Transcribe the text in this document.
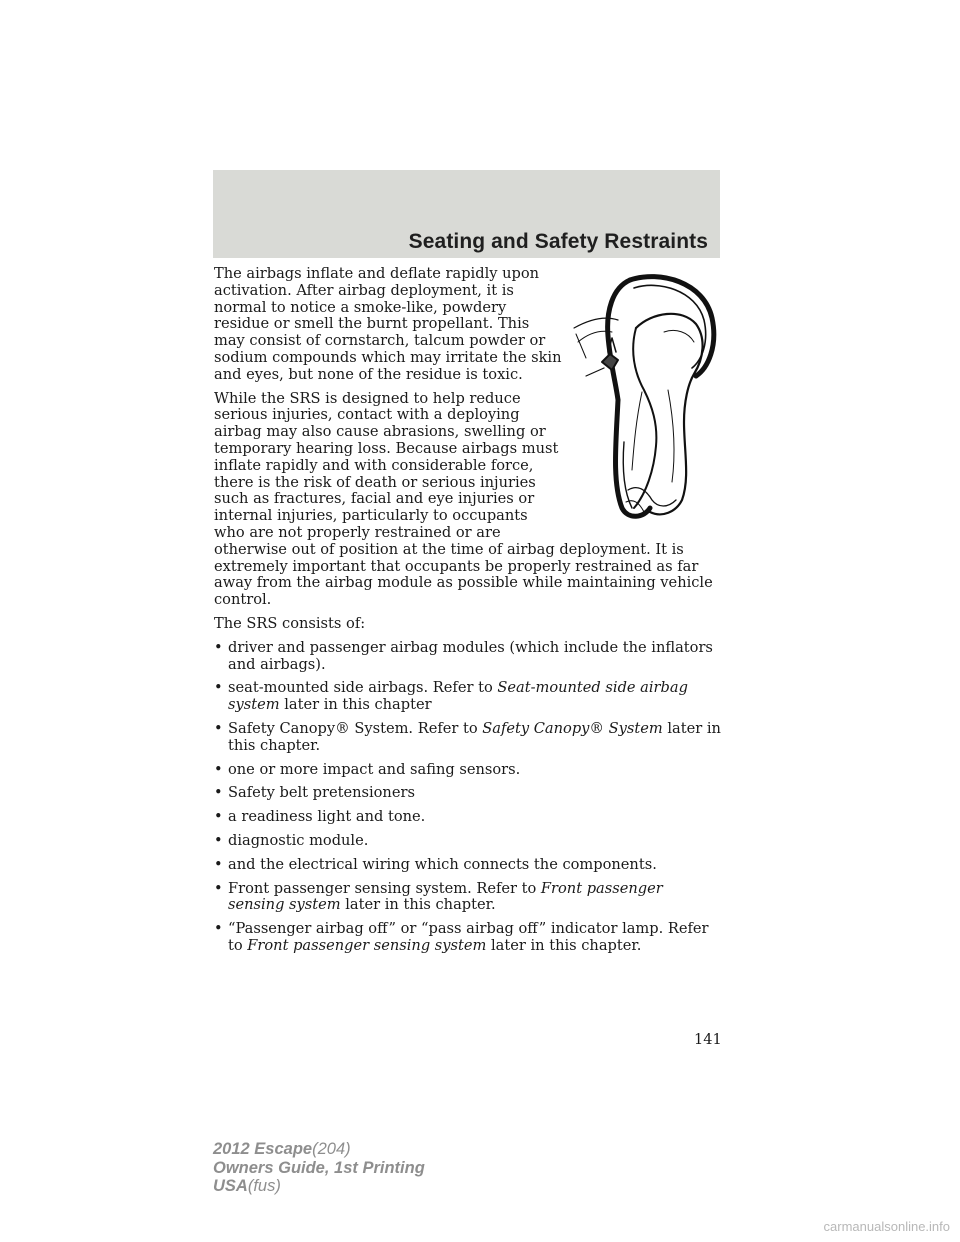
Seating and Safety Restraints

The airbags inflate and deflate rapidly upon activation. After airbag deployment, it is normal to notice a smoke-like, powdery residue or smell the burnt propellant. This may consist of cornstarch, talcum powder or sodium compounds which may irritate the skin and eyes, but none of the residue is toxic.

While the SRS is designed to help reduce serious injuries, contact with a deploying airbag may also cause abrasions, swelling or temporary hearing loss. Because airbags must inflate rapidly and with considerable force, there is the risk of death or serious injuries such as fractures, facial and eye injuries or internal injuries, particularly to occupants who are not properly restrained or are otherwise out of position at the time of airbag deployment. It is extremely important that occupants be properly restrained as far away from the airbag module as possible while maintaining vehicle control.

The SRS consists of:

• driver and passenger airbag modules (which include the inflators and airbags).
• seat-mounted side airbags. Refer to Seat-mounted side airbag system later in this chapter
• Safety Canopy® System. Refer to Safety Canopy® System later in this chapter.
• one or more impact and safing sensors.
• Safety belt pretensioners
• a readiness light and tone.
• diagnostic module.
• and the electrical wiring which connects the components.
• Front passenger sensing system. Refer to Front passenger sensing system later in this chapter.
• “Passenger airbag off” or “pass airbag off” indicator lamp. Refer to Front passenger sensing system later in this chapter.
141
2012 Escape(204)
Owners Guide, 1st Printing
USA(fus)
carmanualsonline.info
